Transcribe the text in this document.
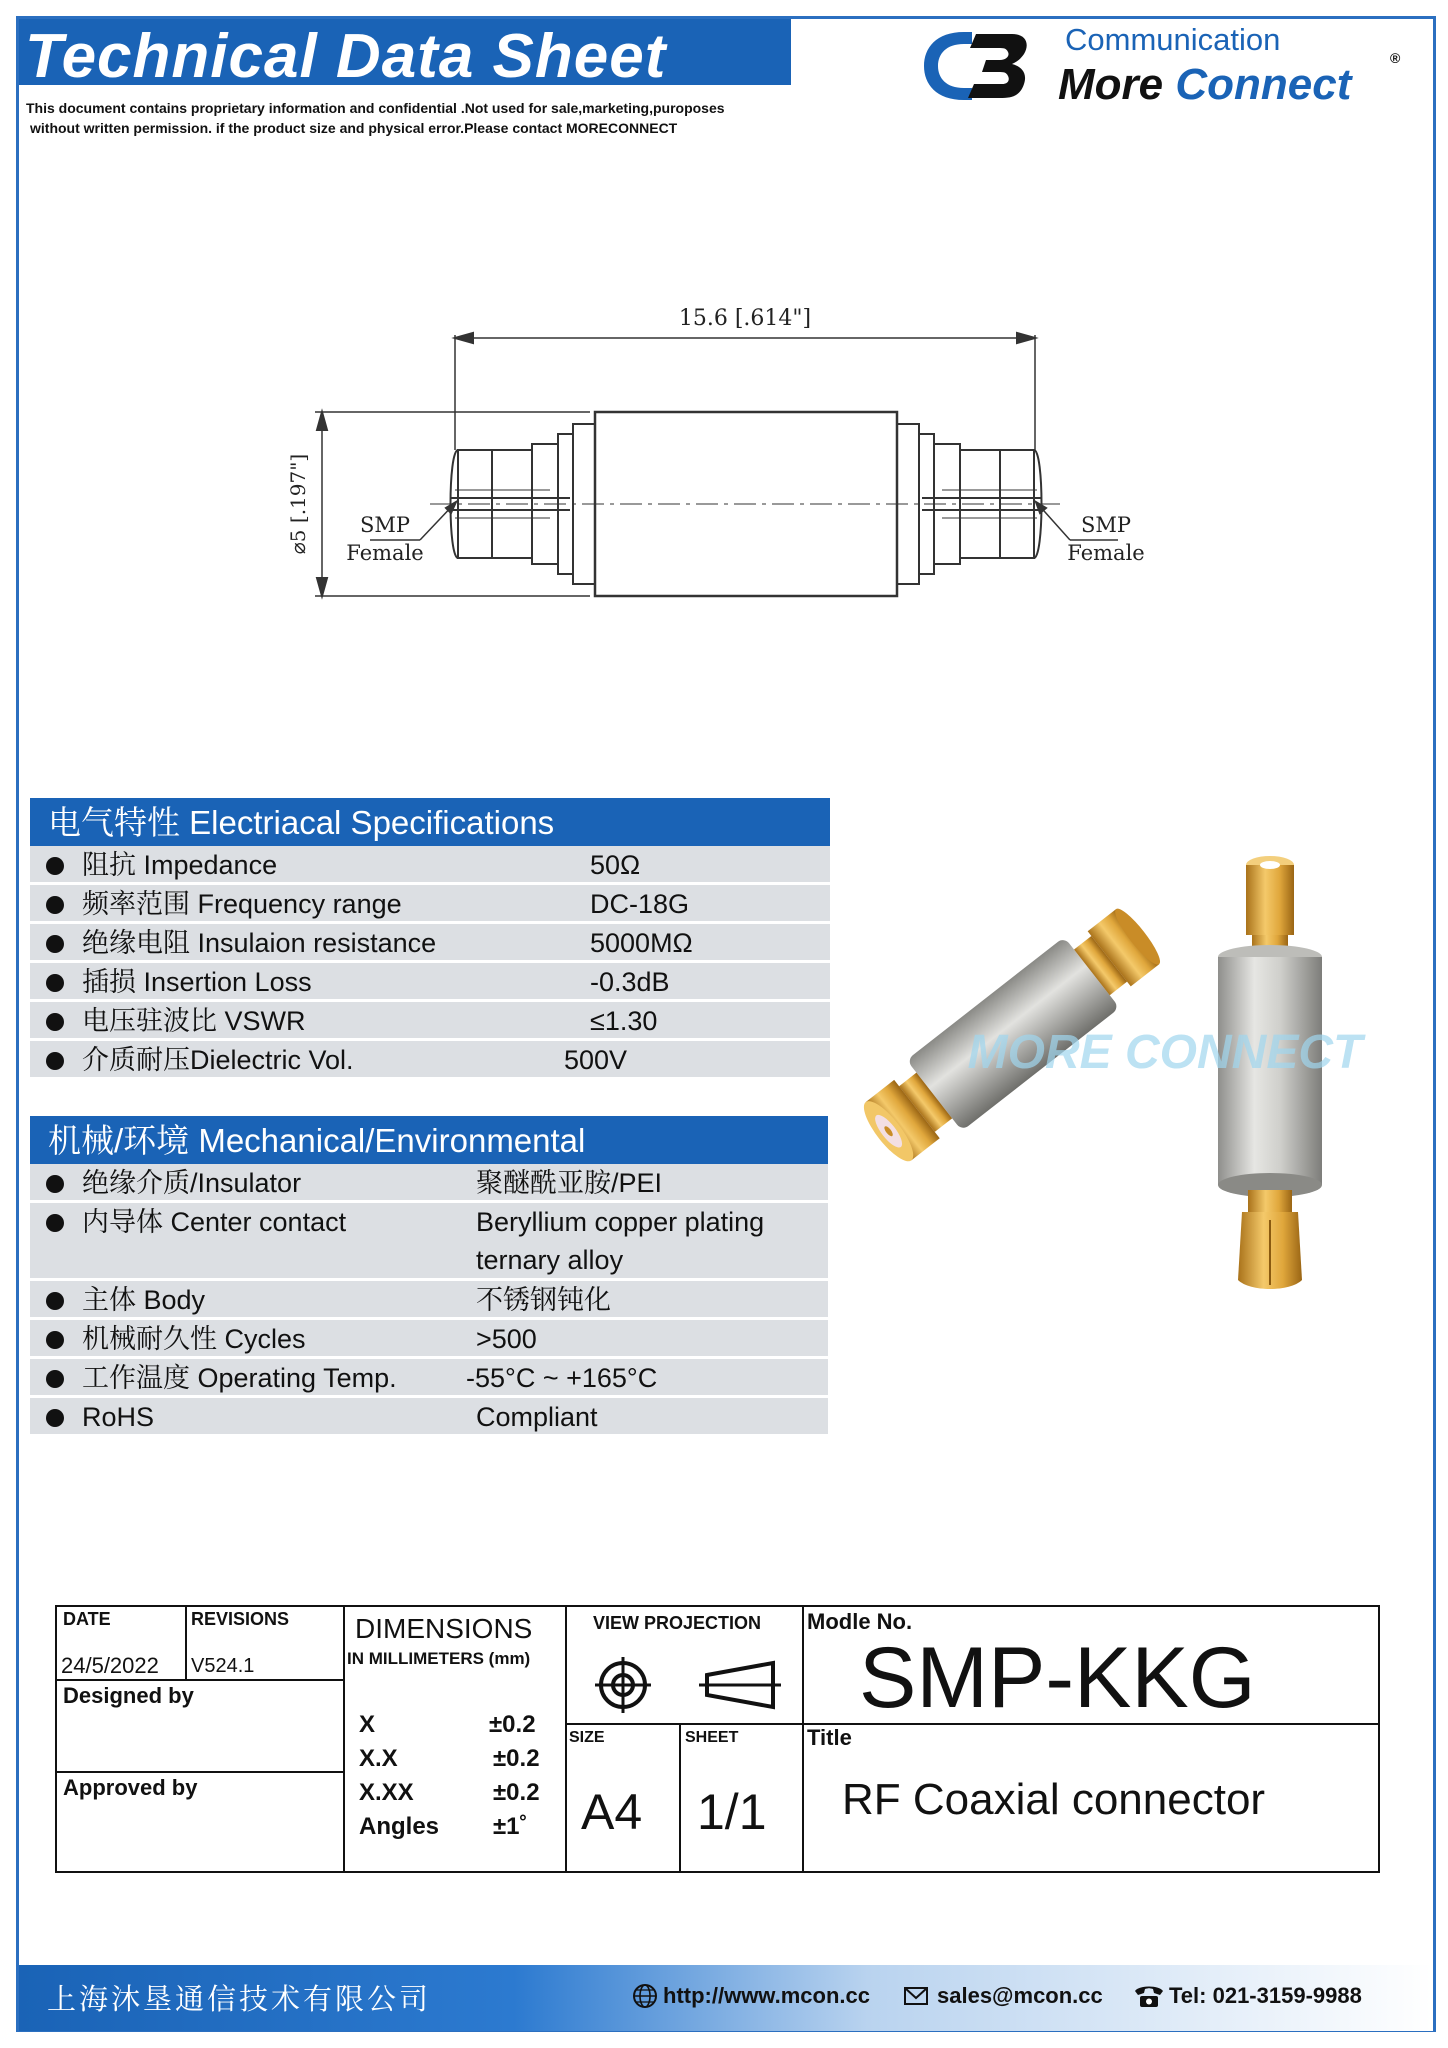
Technical Data Sheet
This document contains proprietary information and confidential .Not used for sale,marketing,puroposes
without written permission. if the product size and physical error.Please contact MORECONNECT
Communication
More Connect
®
15.6 [.614"]
⌀5 [.197"] SMP
Female
SMP
Female
电气特性 Electriacal Specifications
阻抗 Impedance	50Ω
频率范围 Frequency range	DC-18G
绝缘电阻 Insulaion resistance	5000MΩ
插损 Insertion Loss	-0.3dB
电压驻波比 VSWR	≤1.30
介质耐压Dielectric Vol.	500V
机械/环境 Mechanical/Environmental
绝缘介质/Insulator	聚醚酰亚胺/PEI
内导体 Center contact	Beryllium copper plating
ternary alloy
主体 Body	不锈钢钝化
机械耐久性 Cycles	>500
工作温度 Operating Temp.	-55°C ~ +165°C
RoHS	Compliant
MORE CONNECT
DATE
24/5/2022
REVISIONS
V524.1
Designed by
Approved by
DIMENSIONS
IN MILLIMETERS (mm)
X	±0.2
X.X	±0.2
X.XX	±0.2
Angles ±1˚
VIEW PROJECTION
SIZE
A4
SHEET
1/1
Modle No.
SMP-KKG
Title
RF Coaxial connector
上海沐垦通信技术有限公司	http://www.mcon.cc	sales@mcon.cc	Tel: 021-3159-9988
